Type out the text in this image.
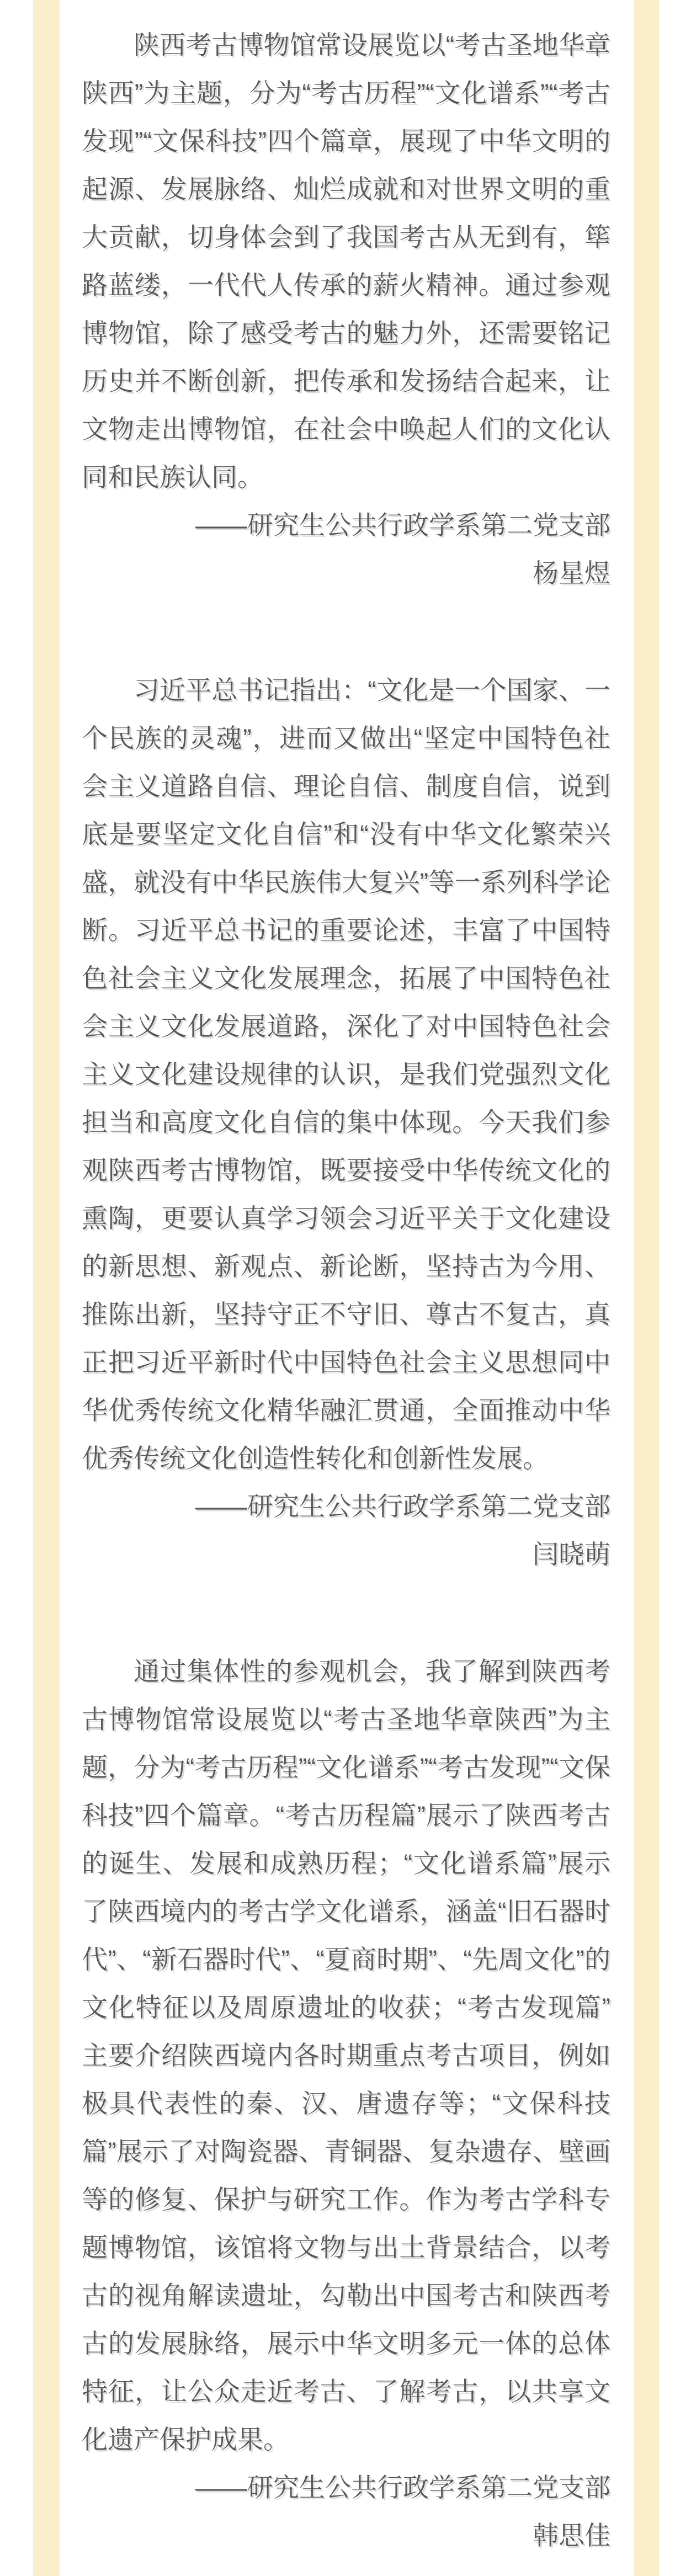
陕西考古博物馆常设展览以“考古圣地华章陕西”为主题，分为“考古历程”“文化谱系”“考古发现”“文保科技”四个篇章，展现了中华文明的起源、发展脉络、灿烂成就和对世界文明的重大贡献，切身体会到了我国考古从无到有，筚路蓝缕，一代代人传承的薪火精神。通过参观博物馆，除了感受考古的魅力外，还需要铭记历史并不断创新，把传承和发扬结合起来，让文物走出博物馆，在社会中唤起人们的文化认同和民族认同。
——研究生公共行政学系第二党支部
杨星煜
习近平总书记指出：“文化是一个国家、一个民族的灵魂”，进而又做出“坚定中国特色社会主义道路自信、理论自信、制度自信，说到底是要坚定文化自信”和“没有中华文化繁荣兴盛，就没有中华民族伟大复兴”等一系列科学论断。习近平总书记的重要论述，丰富了中国特色社会主义文化发展理念，拓展了中国特色社会主义文化发展道路，深化了对中国特色社会主义文化建设规律的认识，是我们党强烈文化担当和高度文化自信的集中体现。今天我们参观陕西考古博物馆，既要接受中华传统文化的熏陶，更要认真学习领会习近平关于文化建设的新思想、新观点、新论断，坚持古为今用、推陈出新，坚持守正不守旧、尊古不复古，真正把习近平新时代中国特色社会主义思想同中华优秀传统文化精华融汇贯通，全面推动中华优秀传统文化创造性转化和创新性发展。
——研究生公共行政学系第二党支部
闫晓萌
通过集体性的参观机会，我了解到陕西考古博物馆常设展览以“考古圣地华章陕西”为主题，分为“考古历程”“文化谱系”“考古发现”“文保科技”四个篇章。“考古历程篇”展示了陕西考古的诞生、发展和成熟历程；“文化谱系篇”展示了陕西境内的考古学文化谱系，涵盖“旧石器时代”、“新石器时代”、“夏商时期”、“先周文化”的文化特征以及周原遗址的收获；“考古发现篇”主要介绍陕西境内各时期重点考古项目，例如极具代表性的秦、汉、唐遗存等；“文保科技篇”展示了对陶瓷器、青铜器、复杂遗存、壁画等的修复、保护与研究工作。作为考古学科专题博物馆，该馆将文物与出土背景结合，以考古的视角解读遗址，勾勒出中国考古和陕西考古的发展脉络，展示中华文明多元一体的总体特征，让公众走近考古、了解考古，以共享文化遗产保护成果。
——研究生公共行政学系第二党支部
韩思佳
